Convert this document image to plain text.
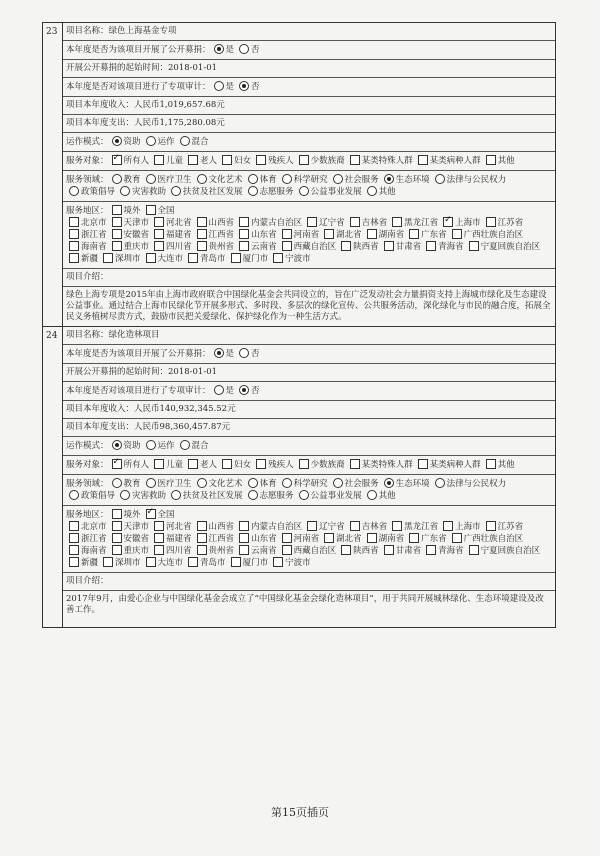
23	项目名称：绿色上海基金专项
本年度是否为该项目开展了公开募捐： 是 否
开展公开募捐的起始时间：2018-01-01
本年度是否对该项目进行了专项审计： 是 否
项目本年度收入：人民币1,019,657.68元
项目本年度支出：人民币1,175,280.08元
运作模式： 资助 运作 混合
服务对象： ✓ 所有人 儿童 老人 妇女 残疾人 少数族裔 某类特殊人群 某类病种人群 其他
服务领域： 教育 医疗卫生 文化艺术 体育 科学研究 社会服务 生态环境 法律与公民权力政策倡导 灾害救助 扶贫及社区发展 志愿服务 公益事业发展 其他
服务地区： 境外 全国
北京市 天津市 河北省 山西省 内蒙古自治区 辽宁省 吉林省 黑龙江省 ✓ 上海市 江苏省浙江省 安徽省 福建省 江西省 山东省 河南省 湖北省 湖南省 广东省 广西壮族自治区海南省 重庆市 四川省 贵州省 云南省 西藏自治区 陕西省 甘肃省 青海省 宁夏回族自治区新疆 深圳市 大连市 青岛市 厦门市 宁波市
项目介绍：
绿色上海专项是2015年由上海市政府联合中国绿化基金会共同设立的，旨在广泛发动社会力量捐资支持上海城市绿化及生态建设公益事业。通过结合上海市民绿化节开展多形式、多时段、多层次的绿化宣传、公共服务活动，深化绿化与市民的融合度，拓展全民义务植树尽责方式，鼓励市民把关爱绿化、保护绿化作为一种生活方式。
24	项目名称：绿化造林项目
本年度是否为该项目开展了公开募捐： 是 否
开展公开募捐的起始时间：2018-01-01
本年度是否对该项目进行了专项审计： 是 否
项目本年度收入：人民币140,932,345.52元
项目本年度支出：人民币98,360,457.87元
运作模式： 资助 运作 混合
服务对象： ✓ 所有人 儿童 老人 妇女 残疾人 少数族裔 某类特殊人群 某类病种人群 其他
服务领域： 教育 医疗卫生 文化艺术 体育 科学研究 社会服务 生态环境 法律与公民权力政策倡导 灾害救助 扶贫及社区发展 志愿服务 公益事业发展 其他
服务地区： 境外 ✓ 全国
北京市 天津市 河北省 山西省 内蒙古自治区 辽宁省 吉林省 黑龙江省 上海市 江苏省浙江省 安徽省 福建省 江西省 山东省 河南省 湖北省 湖南省 广东省 广西壮族自治区海南省 重庆市 四川省 贵州省 云南省 西藏自治区 陕西省 甘肃省 青海省 宁夏回族自治区新疆 深圳市 大连市 青岛市 厦门市 宁波市
项目介绍：
2017年9月，由爱心企业与中国绿化基金会成立了“中国绿化基金会绿化造林项目”，用于共同开展城林绿化、生态环境建设及改善工作。
第15页插页
